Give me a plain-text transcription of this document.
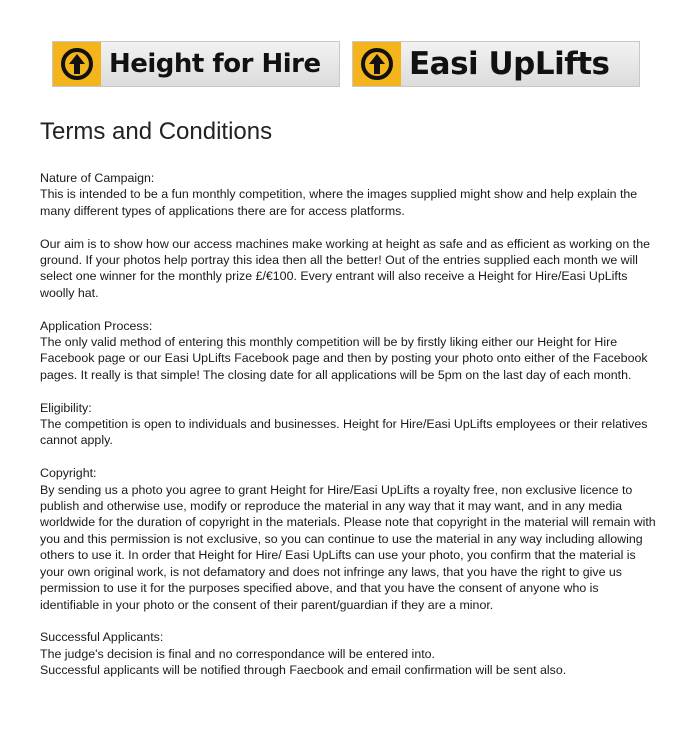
Height for Hire	Easi UpLifts
Terms and Conditions

Nature of Campaign:

This is intended to be a fun monthly competition, where the images supplied might show and help explain the many different types of applications there are for access platforms.

Our aim is to show how our access machines make working at height as safe and as efficient as working on the ground. If your photos help portray this idea then all the better! Out of the entries supplied each month we will select one winner for the monthly prize £/€100. Every entrant will also receive a Height for Hire/Easi UpLifts woolly hat.

Application Process:

The only valid method of entering this monthly competition will be by firstly liking either our Height for Hire Facebook page or our Easi UpLifts Facebook page and then by posting your photo onto either of the Facebook pages. It really is that simple! The closing date for all applications will be 5pm on the last day of each month.

Eligibility:

The competition is open to individuals and businesses. Height for Hire/Easi UpLifts employees or their relatives cannot apply.

Copyright:

By sending us a photo you agree to grant Height for Hire/Easi UpLifts a royalty free, non exclusive licence to publish and otherwise use, modify or reproduce the material in any way that it may want, and in any media worldwide for the duration of copyright in the materials. Please note that copyright in the material will remain with you and this permission is not exclusive, so you can continue to use the material in any way including allowing others to use it. In order that Height for Hire/ Easi UpLifts can use your photo, you confirm that the material is your own original work, is not defamatory and does not infringe any laws, that you have the right to give us permission to use it for the purposes specified above, and that you have the consent of anyone who is identifiable in your photo or the consent of their parent/guardian if they are a minor.

Successful Applicants:

The judge's decision is final and no correspondance will be entered into.

Successful applicants will be notified through Faecbook and email confirmation will be sent also.
